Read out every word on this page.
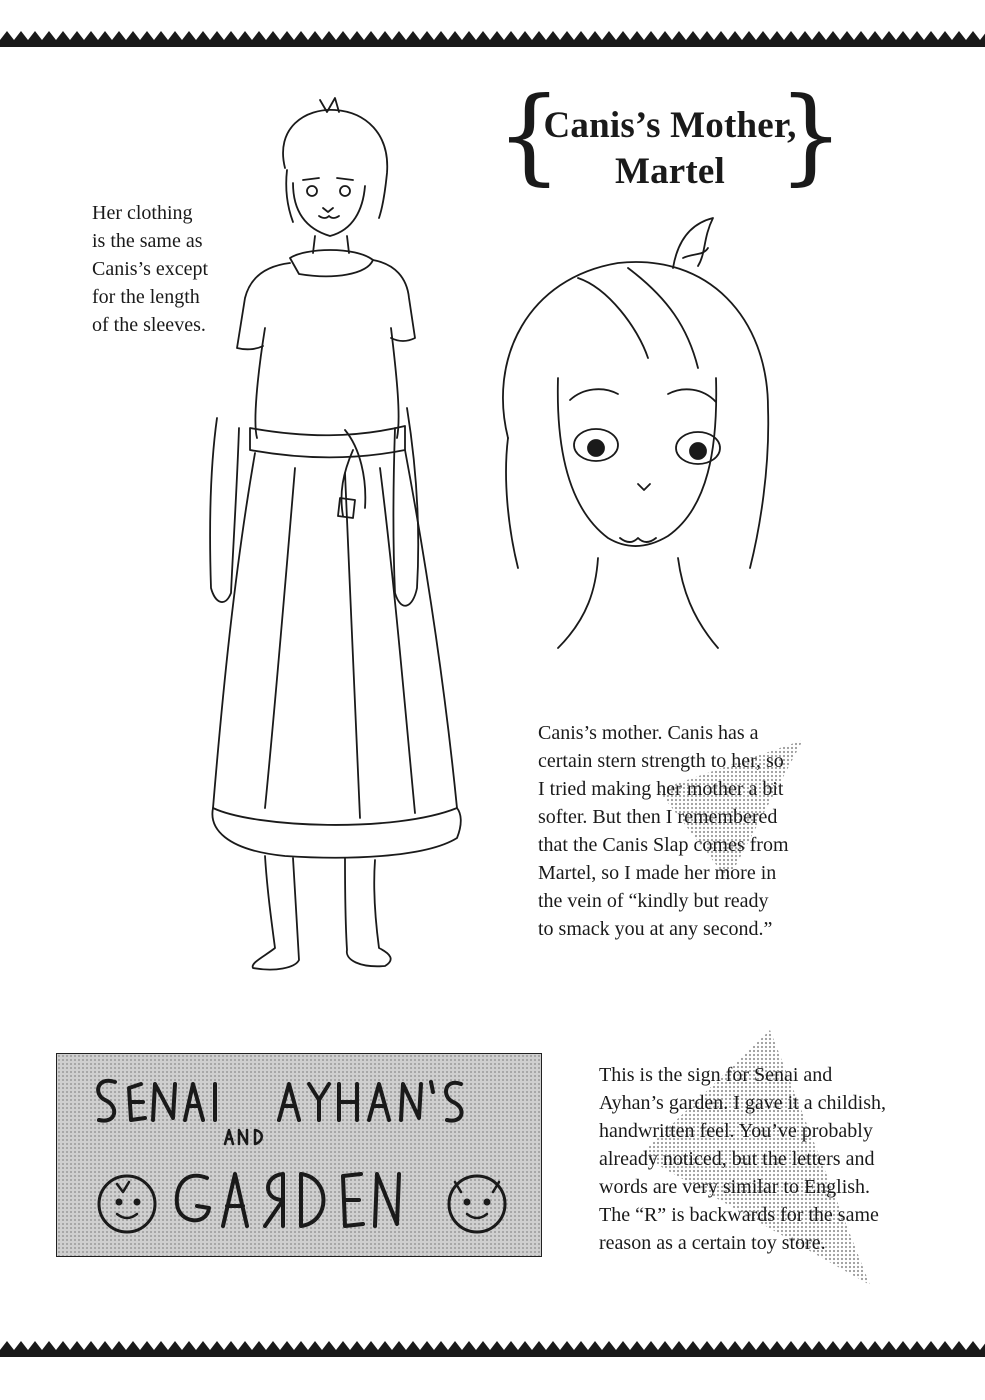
{
Canis’s Mother,
Martel }
Her clothing
is the same as
Canis’s except
for the length
of the sleeves.
Canis’s mother. Canis has a
certain stern strength to her, so
I tried making her mother a bit
softer. But then I remembered
that the Canis Slap comes from
Martel, so I made her more in
the vein of “kindly but ready
to smack you at any second.”
This is the sign for Senai and
Ayhan’s garden. I gave it a childish,
handwritten feel. You’ve probably
already noticed, but the letters and
words are very similar to English.
The “R” is backwards for the same
reason as a certain toy store.
